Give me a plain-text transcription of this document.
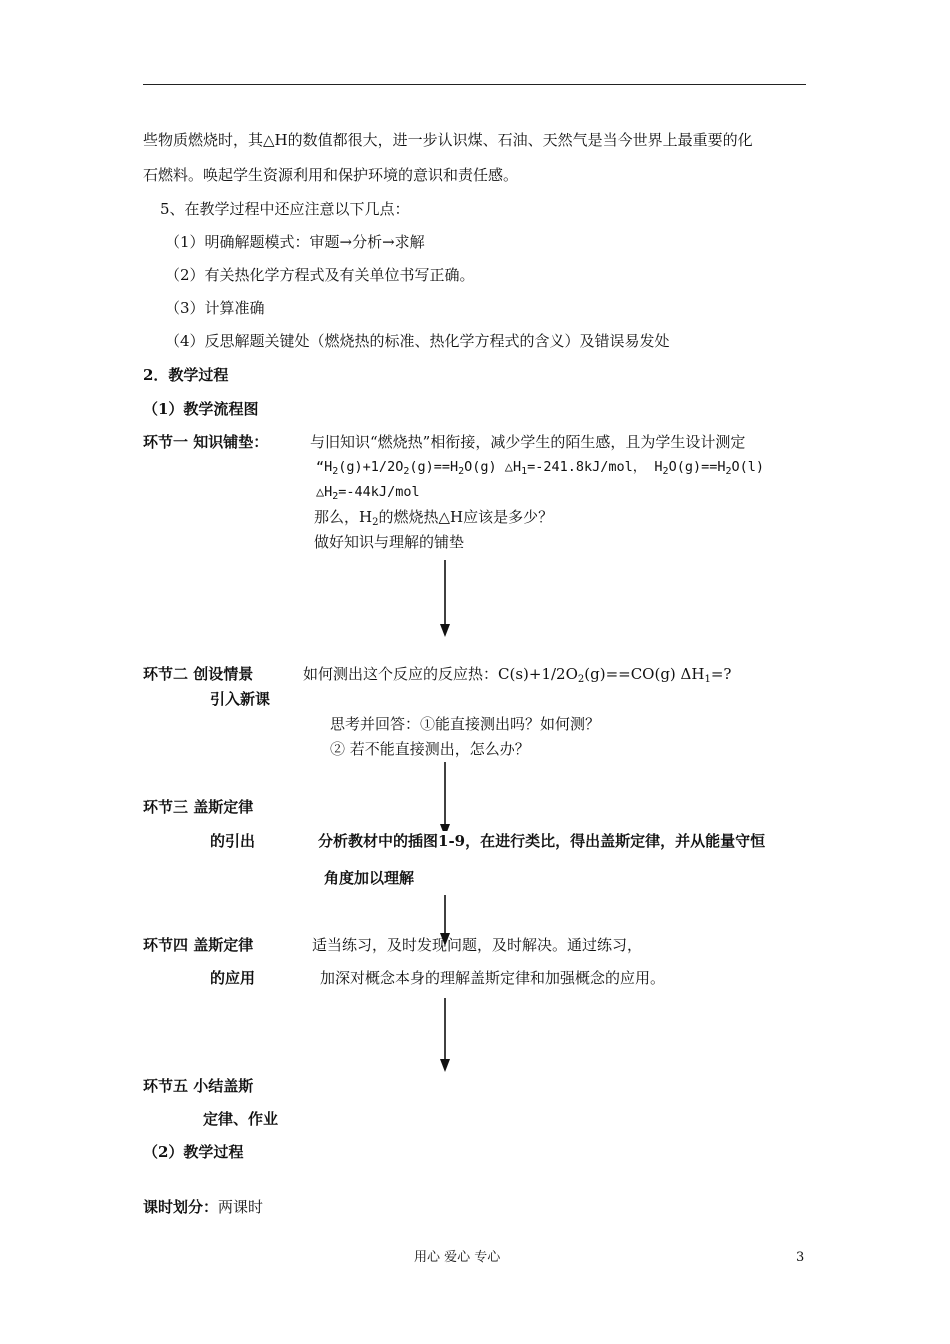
些物质燃烧时，其△H的数值都很大，进一步认识煤、石油、天然气是当今世界上最重要的化
石燃料。唤起学生资源利用和保护环境的意识和责任感。
5、在教学过程中还应注意以下几点：
（1）明确解题模式：审题→分析→求解
（2）有关热化学方程式及有关单位书写正确。
（3）计算准确
（4）反思解题关键处（燃烧热的标准、热化学方程式的含义）及错误易发处
2．教学过程
（1）教学流程图
环节一 知识铺垫：	与旧知识“燃烧热”相衔接，减少学生的陌生感，且为学生设计测定
“$H_2(g)+1/2O_2(g)==H_2O(g)$ $\triangle H_1=-241.8kJ$/mol， $H_2O(g)==H_2O(l)$
$\triangle H_2=-44kJ$/mol
那么，$H_2$的燃烧热△H应该是多少？
做好知识与理解的铺垫
环节二 创设情景
引入新课
如何测出这个反应的反应热：$C(s)+1/2O_2(g)==CO(g)$ $\Delta H_1=$?
思考并回答：①能直接测出吗？如何测？
② 若不能直接测出，怎么办？
环节三 盖斯定律
的引出	分析教材中的插图1-9，在进行类比，得出盖斯定律，并从能量守恒
角度加以理解
环节四 盖斯定律
的应用
适当练习，及时发现问题，及时解决。通过练习，
加深对概念本身的理解盖斯定律和加强概念的应用。
环节五 小结盖斯
定律、作业
（2）教学过程
课时划分：两课时
用心 爱心 专心	3
